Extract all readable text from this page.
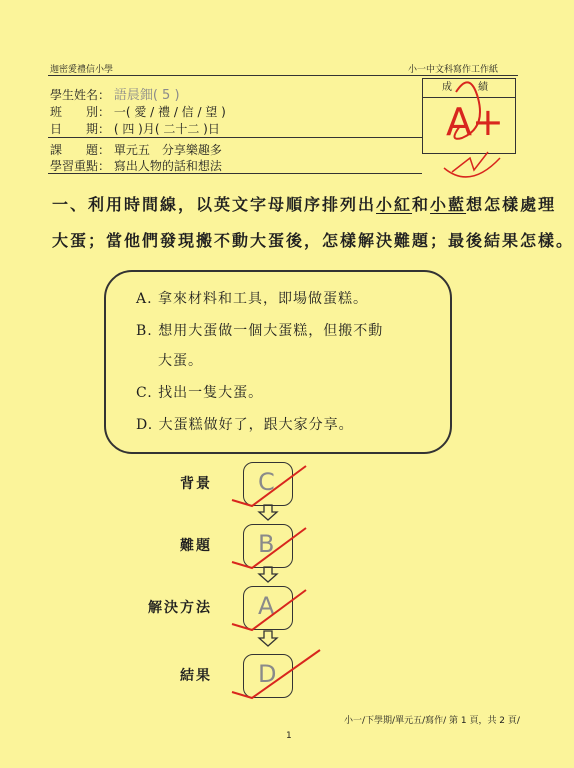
迦密愛禮信小學	小一中文科寫作工作紙
學生姓名： 語晨鈿( 5 )
班　　別： 一( 愛 / 禮 / 信 / 望 )
日　　期： ( 四 )月( 二十二 )日
課　　題： 單元五　分享樂趣多
學習重點： 寫出人物的話和想法
成　績
A+
一、利用時間線，以英文字母順序排列出小紅和小藍想怎樣處理
大蛋；當他們發現搬不動大蛋後，怎樣解決難題；最後結果怎樣。
A. 拿來材料和工具，即場做蛋糕。
B. 想用大蛋做一個大蛋糕，但搬不動
大蛋。
C. 找出一隻大蛋。
D. 大蛋糕做好了，跟大家分享。
背景 C
難題 B
解決方法 A
結果 D
小一/下學期/單元五/寫作/ 第 1 頁，共 2 頁/
1
